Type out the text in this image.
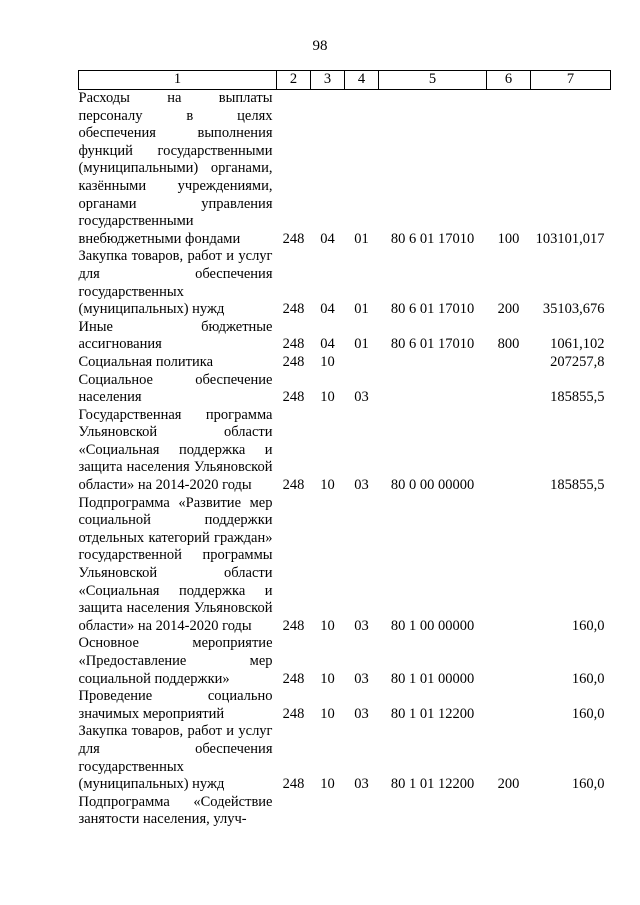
98
1	2	3	4	5	6	7
Расходы на выплаты персоналу в целях обеспечения выполнения функций государственными (муниципальными) органами, казёнными учреждениями, органами управления государственными внебюджетными фондами	248	04	01	80 6 01 17010	100	103101,017
Закупка товаров, работ и услуг для обеспечения государственных (муниципальных) нужд	248	04	01	80 6 01 17010	200	35103,676
Иные бюджетные ассигнования	248	04	01	80 6 01 17010	800	1061,102
Социальная политика	248	10				207257,8
Социальное обеспечение населения	248	10	03			185855,5
Государственная программа Ульяновской области «Социальная поддержка и защита населения Ульяновской области» на 2014-2020 годы	248	10	03	80 0 00 00000		185855,5
Подпрограмма «Развитие мер социальной поддержки отдельных категорий граждан» государственной программы Ульяновской области «Социальная поддержка и защита населения Ульяновской области» на 2014-2020 годы	248	10	03	80 1 00 00000		160,0
Основное мероприятие «Предоставление мер социальной поддержки»	248	10	03	80 1 01 00000		160,0
Проведение социально значимых мероприятий	248	10	03	80 1 01 12200		160,0
Закупка товаров, работ и услуг для обеспечения государственных (муниципальных) нужд	248	10	03	80 1 01 12200	200	160,0
Подпрограмма «Содействие занятости населения, улуч-						
